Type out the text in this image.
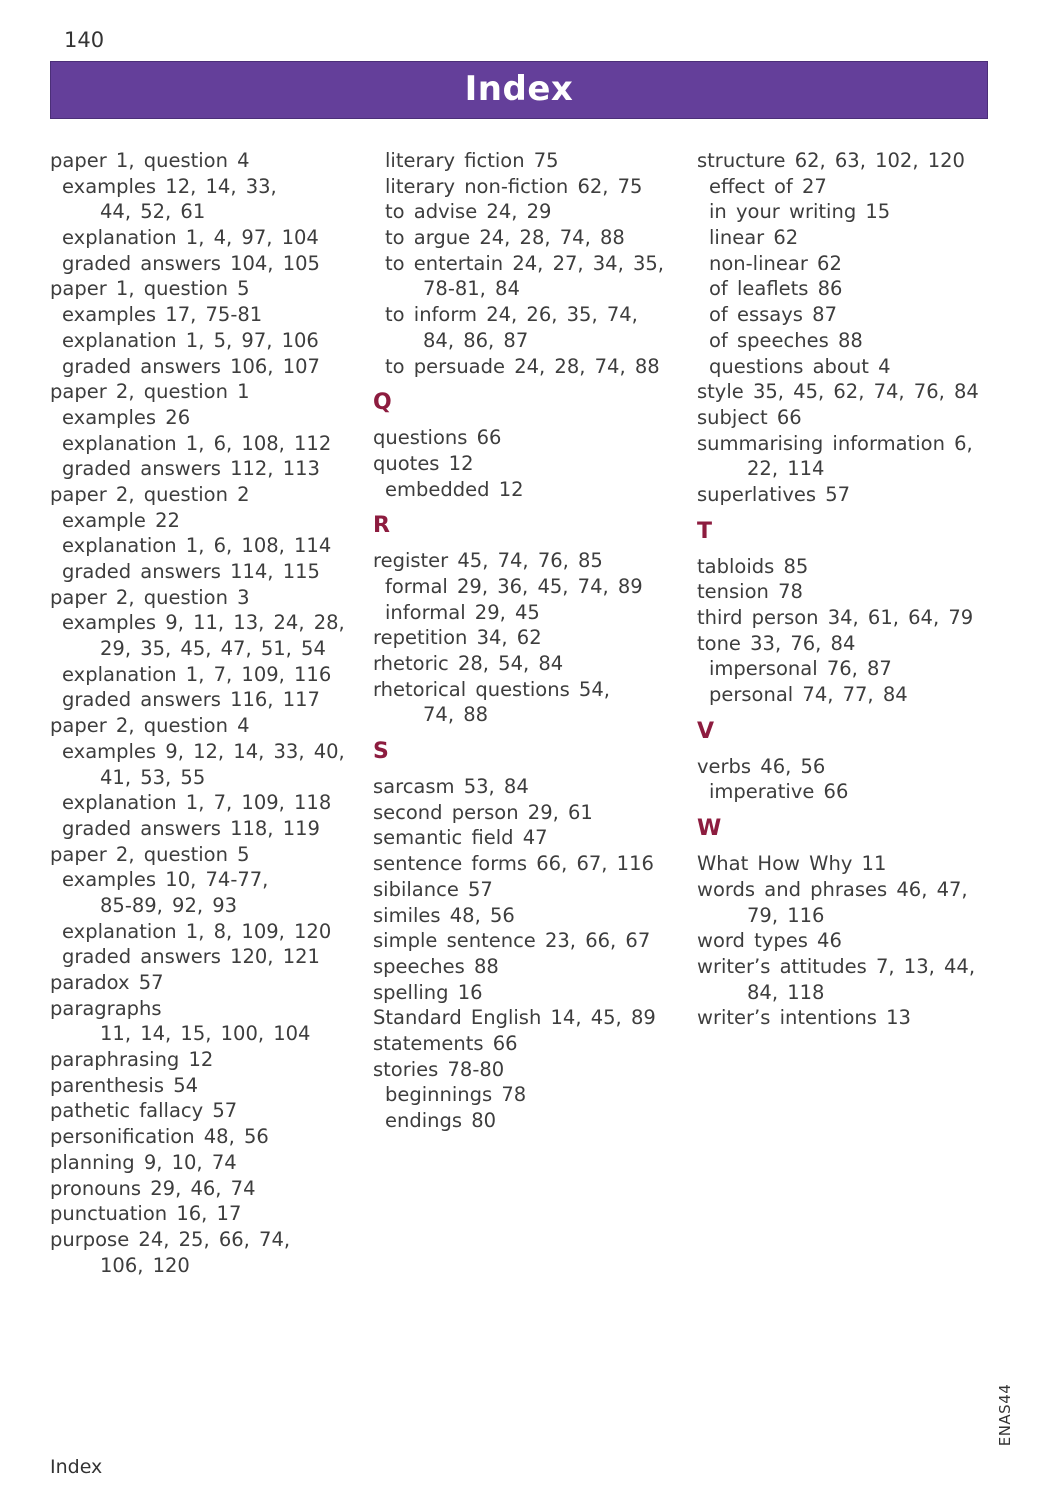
140
Index
paper 1, question 4
examples 12, 14, 33,
44, 52, 61
explanation 1, 4, 97, 104
graded answers 104, 105
paper 1, question 5
examples 17, 75-81
explanation 1, 5, 97, 106
graded answers 106, 107
paper 2, question 1
examples 26
explanation 1, 6, 108, 112
graded answers 112, 113
paper 2, question 2
example 22
explanation 1, 6, 108, 114
graded answers 114, 115
paper 2, question 3
examples 9, 11, 13, 24, 28,
29, 35, 45, 47, 51, 54
explanation 1, 7, 109, 116
graded answers 116, 117
paper 2, question 4
examples 9, 12, 14, 33, 40,
41, 53, 55
explanation 1, 7, 109, 118
graded answers 118, 119
paper 2, question 5
examples 10, 74-77,
85-89, 92, 93
explanation 1, 8, 109, 120
graded answers 120, 121
paradox 57
paragraphs
11, 14, 15, 100, 104
paraphrasing 12
parenthesis 54
pathetic fallacy 57
personification 48, 56
planning 9, 10, 74
pronouns 29, 46, 74
punctuation 16, 17
purpose 24, 25, 66, 74,
106, 120
literary fiction 75
literary non-fiction 62, 75
to advise 24, 29
to argue 24, 28, 74, 88
to entertain 24, 27, 34, 35,
78-81, 84
to inform 24, 26, 35, 74,
84, 86, 87
to persuade 24, 28, 74, 88
Q
questions 66
quotes 12
embedded 12
R
register 45, 74, 76, 85
formal 29, 36, 45, 74, 89
informal 29, 45
repetition 34, 62
rhetoric 28, 54, 84
rhetorical questions 54,
74, 88
S
sarcasm 53, 84
second person 29, 61
semantic field 47
sentence forms 66, 67, 116
sibilance 57
similes 48, 56
simple sentence 23, 66, 67
speeches 88
spelling 16
Standard English 14, 45, 89
statements 66
stories 78-80
beginnings 78
endings 80
structure 62, 63, 102, 120
effect of 27
in your writing 15
linear 62
non-linear 62
of leaflets 86
of essays 87
of speeches 88
questions about 4
style 35, 45, 62, 74, 76, 84
subject 66
summarising information 6,
22, 114
superlatives 57
T
tabloids 85
tension 78
third person 34, 61, 64, 79
tone 33, 76, 84
impersonal 76, 87
personal 74, 77, 84
V
verbs 46, 56
imperative 66
W
What How Why 11
words and phrases 46, 47,
79, 116
word types 46
writer’s attitudes 7, 13, 44,
84, 118
writer’s intentions 13
Index
ENAS44
